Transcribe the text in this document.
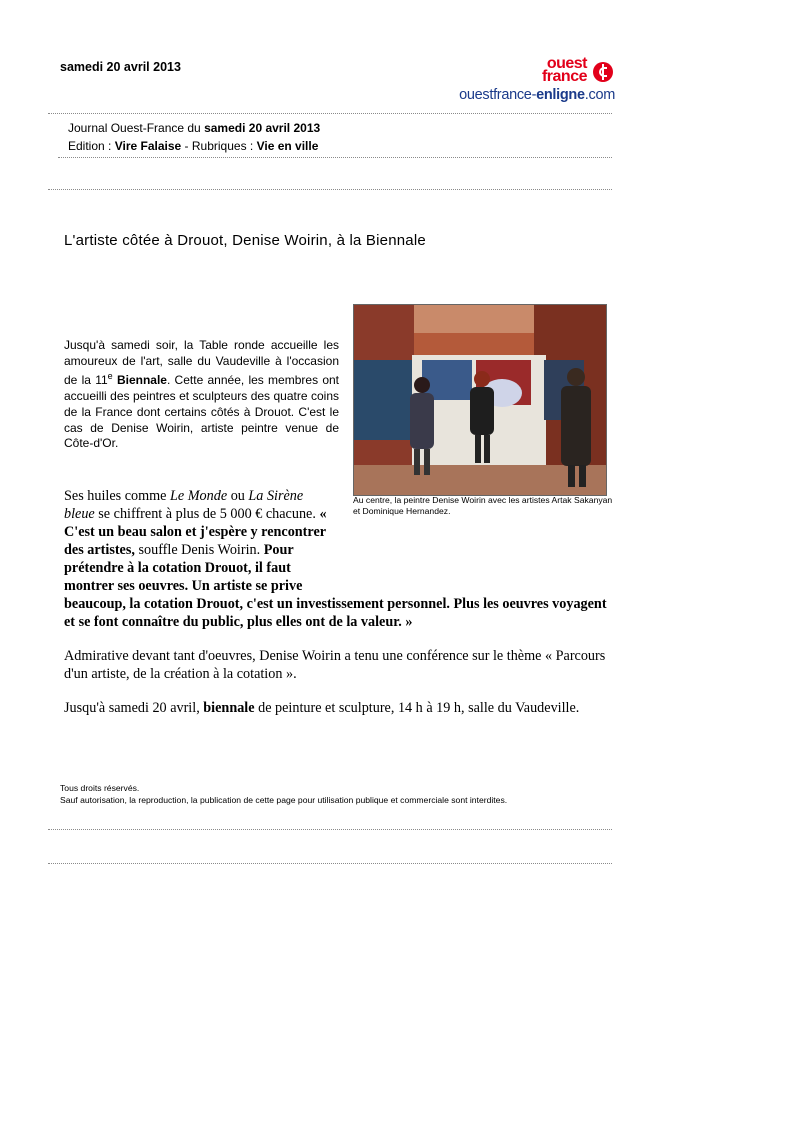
samedi 20 avril 2013	ouest
france
ouestfrance-enligne.com
Journal Ouest-France du samedi 20 avril 2013
Edition : Vire Falaise - Rubriques : Vie en ville
L'artiste côtée à Drouot, Denise Woirin, à la Biennale
Jusqu'à samedi soir, la Table ronde accueille les amoureux de l'art, salle du Vaudeville à l'occasion de la 11e Biennale. Cette année, les membres ont accueilli des peintres et sculpteurs des quatre coins de la France dont certains côtés à Drouot. C'est le cas de Denise Woirin, artiste peintre venue de Côte-d'Or.
Au centre, la peintre Denise Woirin avec les artistes Artak Sakanyan et Dominique Hernandez.

Ses huiles comme Le Monde ou La Sirène bleue se chiffrent à plus de 5 000 € chacune. « C'est un beau salon et j'espère y rencontrer des artistes, souffle Denis Woirin. Pour prétendre à la cotation Drouot, il faut montrer ses oeuvres. Un artiste se prive beaucoup, la cotation Drouot, c'est un investissement personnel. Plus les oeuvres voyagent et se font connaître du public, plus elles ont de la valeur. »

Admirative devant tant d'oeuvres, Denise Woirin a tenu une conférence sur le thème « Parcours d'un artiste, de la création à la cotation ».

Jusqu'à samedi 20 avril, biennale de peinture et sculpture, 14 h à 19 h, salle du Vaudeville.

Tous droits réservés.
Sauf autorisation, la reproduction, la publication de cette page pour utilisation publique et commerciale sont interdites.
